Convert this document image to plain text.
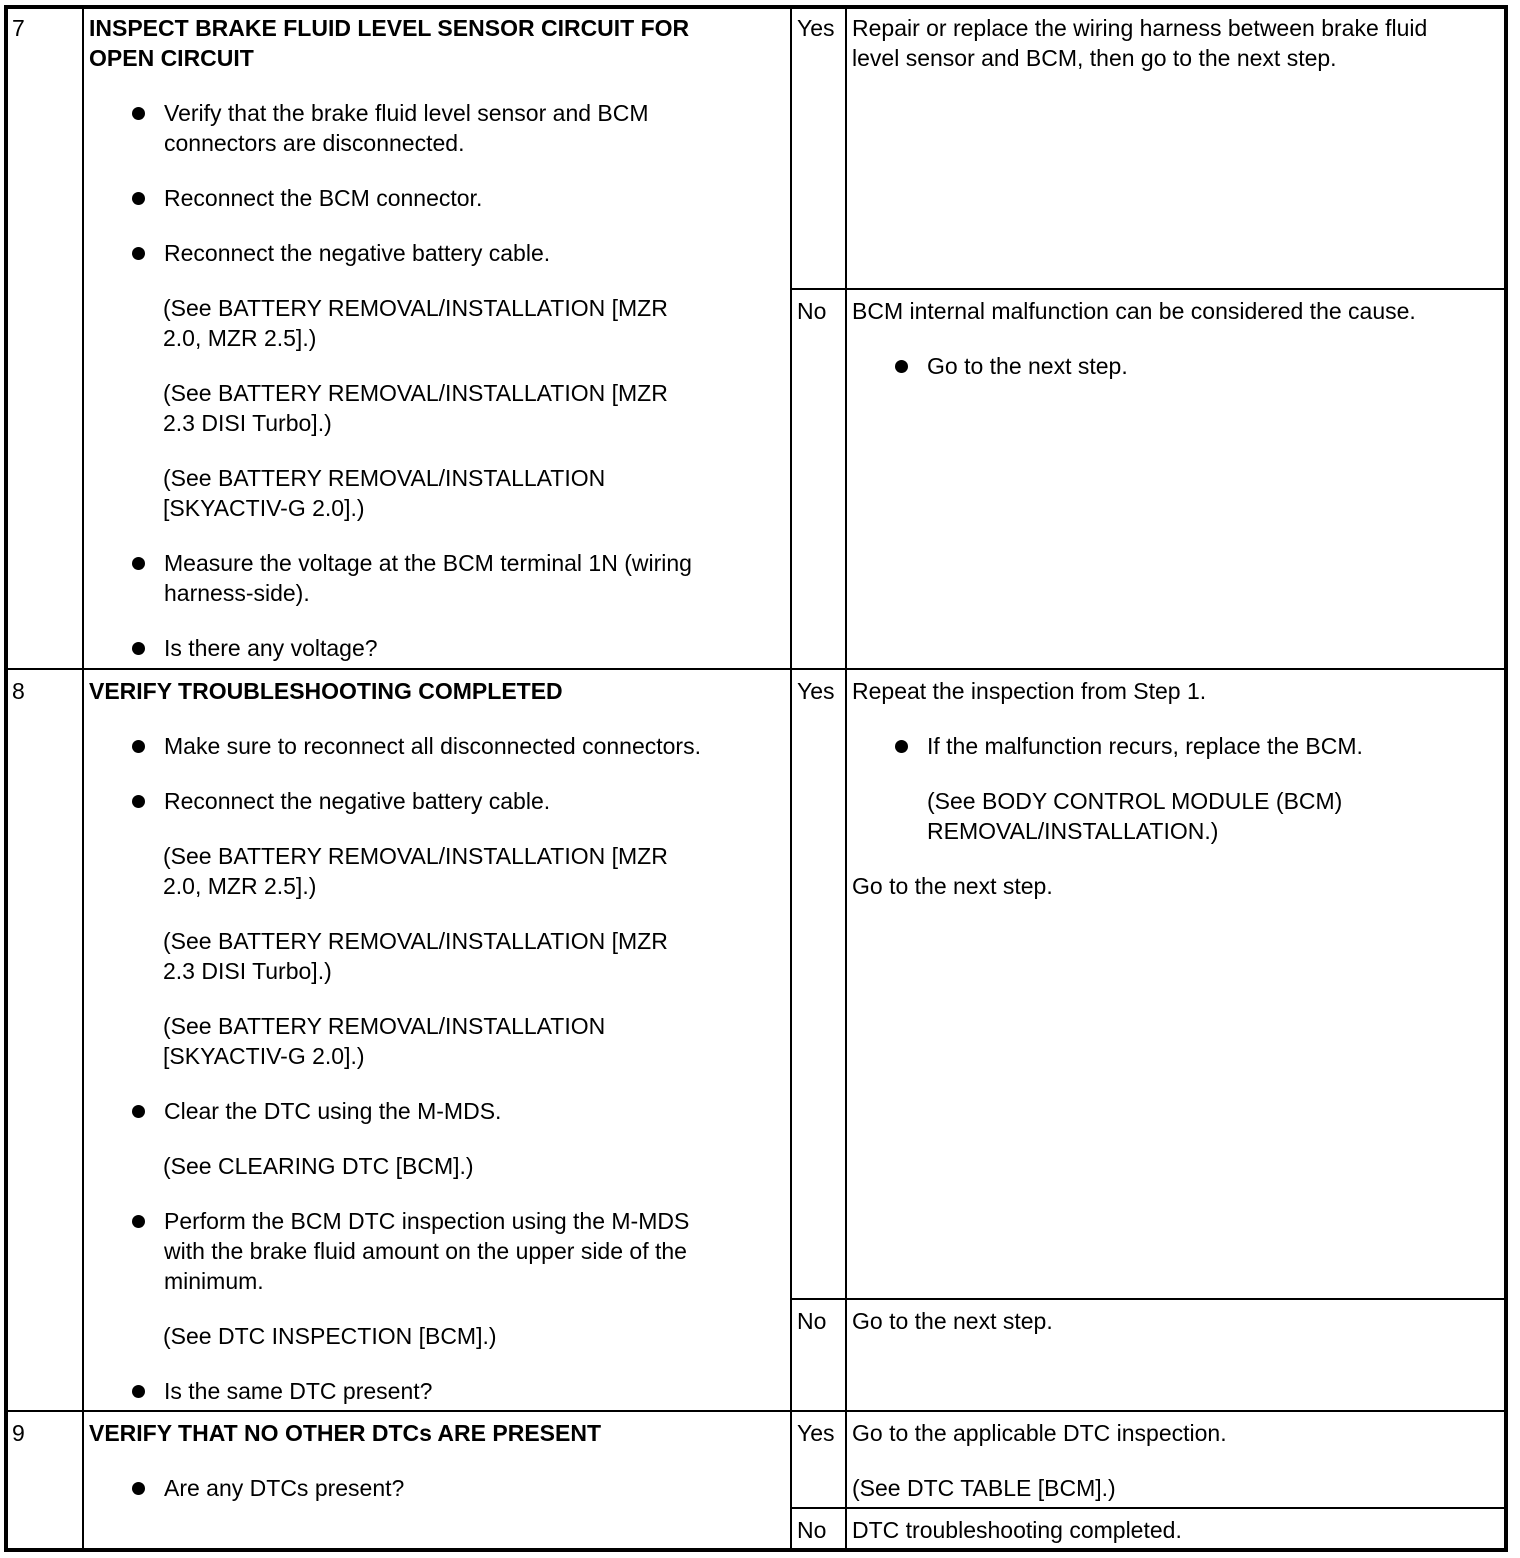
7	INSPECT BRAKE FLUID LEVEL SENSOR CIRCUIT FOR
OPEN CIRCUIT
Verify that the brake fluid level sensor and BCM
connectors are disconnected.
Reconnect the BCM connector.
Reconnect the negative battery cable.
(See BATTERY REMOVAL/INSTALLATION [MZR
2.0, MZR 2.5].)
(See BATTERY REMOVAL/INSTALLATION [MZR
2.3 DISI Turbo].)
(See BATTERY REMOVAL/INSTALLATION
[SKYACTIV-G 2.0].)
Measure the voltage at the BCM terminal 1N (wiring
harness-side).
Is there any voltage?
Yes Repair or replace the wiring harness between brake fluid
level sensor and BCM, then go to the next step.
No BCM internal malfunction can be considered the cause.
Go to the next step.
8	VERIFY TROUBLESHOOTING COMPLETED
Make sure to reconnect all disconnected connectors.
Reconnect the negative battery cable.
(See BATTERY REMOVAL/INSTALLATION [MZR
2.0, MZR 2.5].)
(See BATTERY REMOVAL/INSTALLATION [MZR
2.3 DISI Turbo].)
(See BATTERY REMOVAL/INSTALLATION
[SKYACTIV-G 2.0].)
Clear the DTC using the M-MDS.
(See CLEARING DTC [BCM].)
Perform the BCM DTC inspection using the M-MDS
with the brake fluid amount on the upper side of the
minimum.
(See DTC INSPECTION [BCM].)
Is the same DTC present?
Yes Repeat the inspection from Step 1.
If the malfunction recurs, replace the BCM.
(See BODY CONTROL MODULE (BCM)
REMOVAL/INSTALLATION.)
Go to the next step.
No Go to the next step.
9	VERIFY THAT NO OTHER DTCs ARE PRESENT
Are any DTCs present?
Yes Go to the applicable DTC inspection.
(See DTC TABLE [BCM].)
No DTC troubleshooting completed.
